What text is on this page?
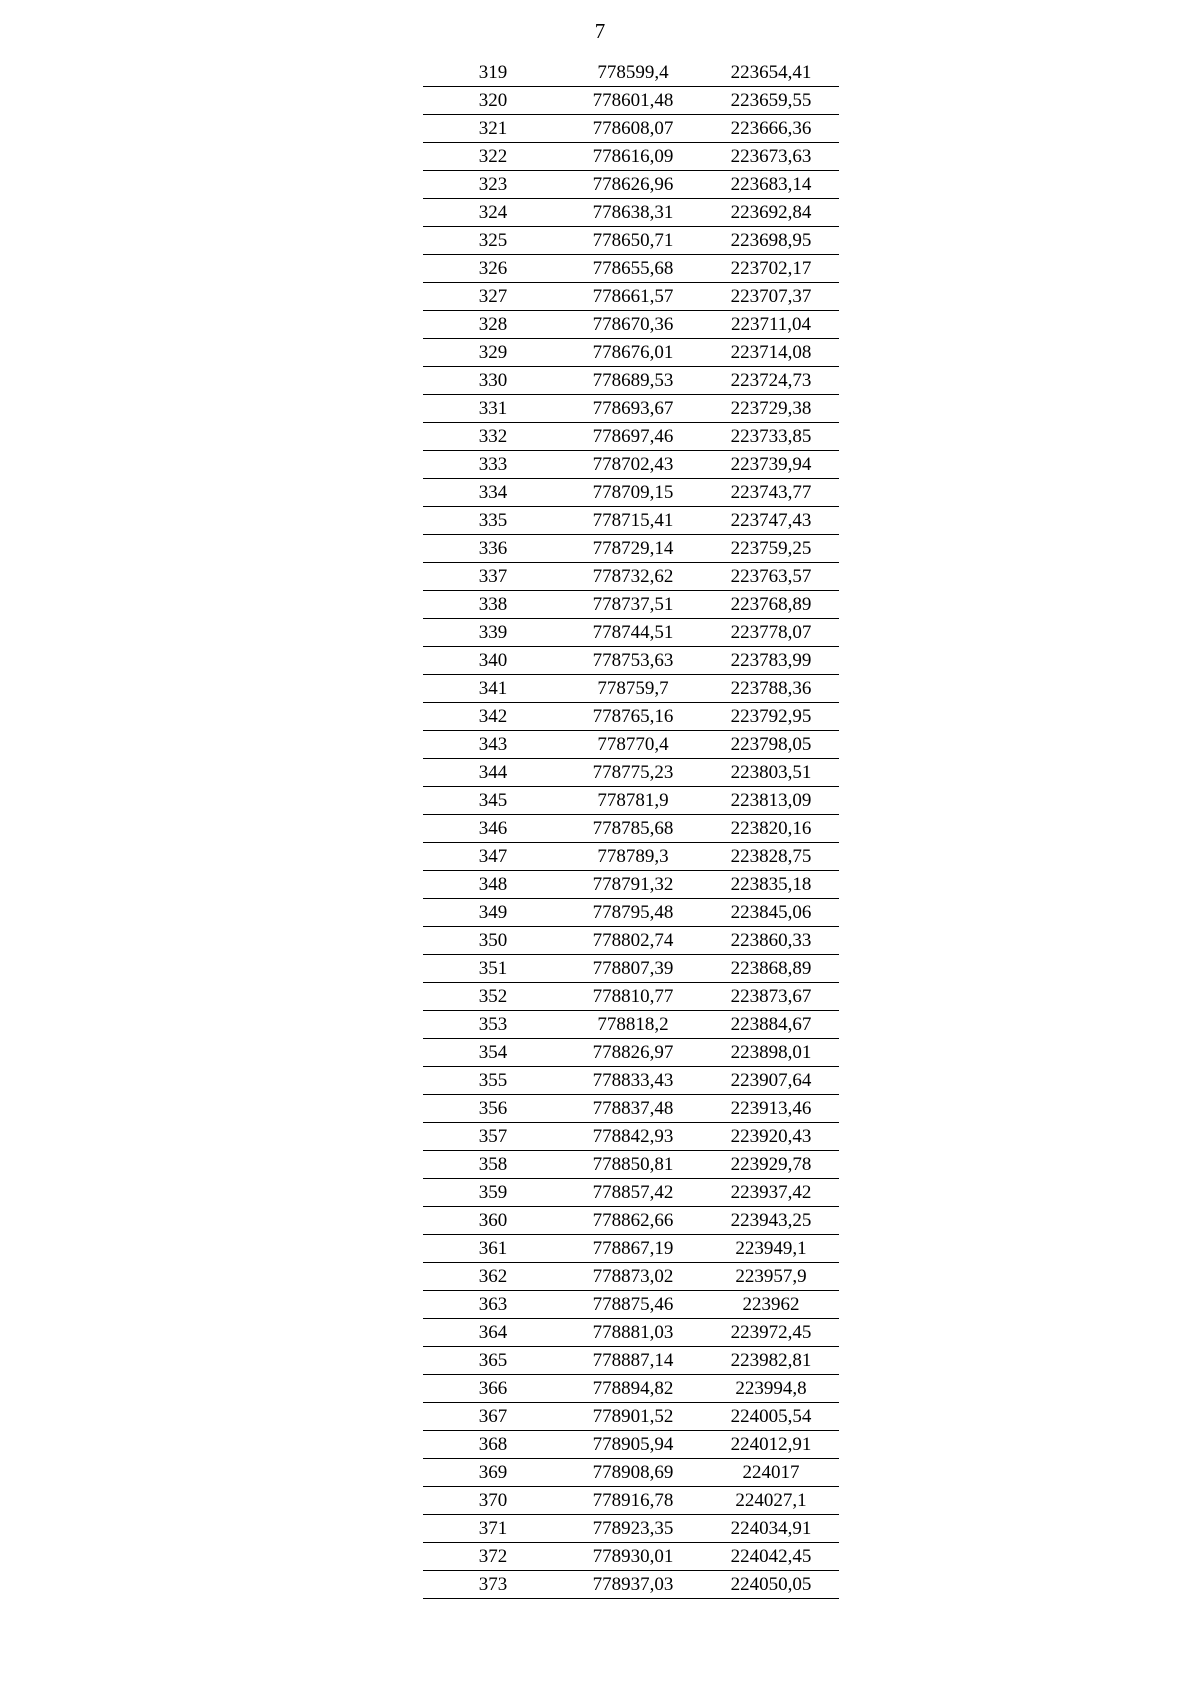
7
319	778599,4	223654,41
320	778601,48	223659,55
321	778608,07	223666,36
322	778616,09	223673,63
323	778626,96	223683,14
324	778638,31	223692,84
325	778650,71	223698,95
326	778655,68	223702,17
327	778661,57	223707,37
328	778670,36	223711,04
329	778676,01	223714,08
330	778689,53	223724,73
331	778693,67	223729,38
332	778697,46	223733,85
333	778702,43	223739,94
334	778709,15	223743,77
335	778715,41	223747,43
336	778729,14	223759,25
337	778732,62	223763,57
338	778737,51	223768,89
339	778744,51	223778,07
340	778753,63	223783,99
341	778759,7	223788,36
342	778765,16	223792,95
343	778770,4	223798,05
344	778775,23	223803,51
345	778781,9	223813,09
346	778785,68	223820,16
347	778789,3	223828,75
348	778791,32	223835,18
349	778795,48	223845,06
350	778802,74	223860,33
351	778807,39	223868,89
352	778810,77	223873,67
353	778818,2	223884,67
354	778826,97	223898,01
355	778833,43	223907,64
356	778837,48	223913,46
357	778842,93	223920,43
358	778850,81	223929,78
359	778857,42	223937,42
360	778862,66	223943,25
361	778867,19	223949,1
362	778873,02	223957,9
363	778875,46	223962
364	778881,03	223972,45
365	778887,14	223982,81
366	778894,82	223994,8
367	778901,52	224005,54
368	778905,94	224012,91
369	778908,69	224017
370	778916,78	224027,1
371	778923,35	224034,91
372	778930,01	224042,45
373	778937,03	224050,05
